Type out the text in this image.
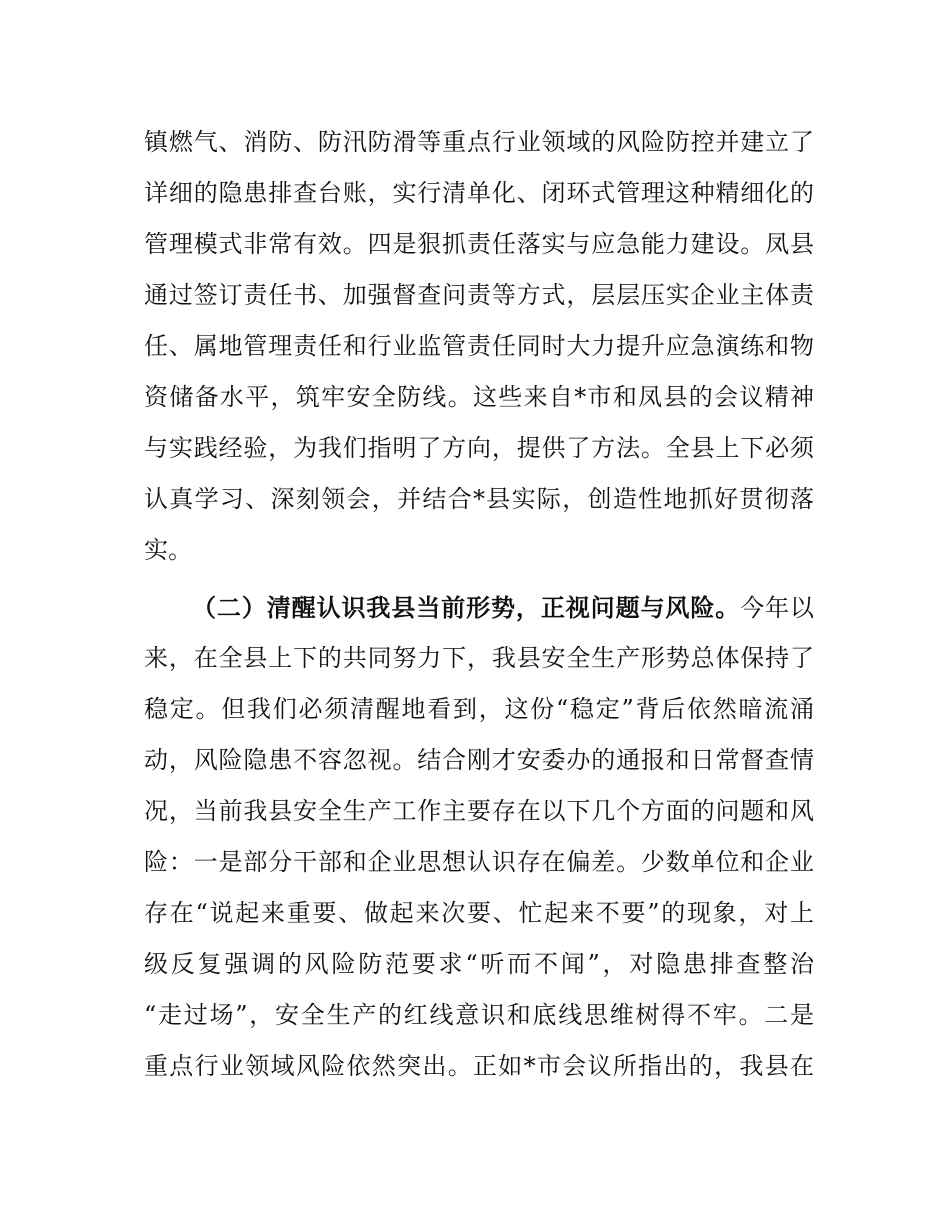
镇燃气、消防、防汛防滑等重点行业领域的风险防控并建立了
详细的隐患排查台账，实行清单化、闭环式管理这种精细化的
管理模式非常有效。四是狠抓责任落实与应急能力建设。凤县
通过签订责任书、加强督查问责等方式，层层压实企业主体责
任、属地管理责任和行业监管责任同时大力提升应急演练和物
资储备水平，筑牢安全防线。这些来自*市和凤县的会议精神
与实践经验，为我们指明了方向，提供了方法。全县上下必须
认真学习、深刻领会，并结合*县实际，创造性地抓好贯彻落
实。
（二）清醒认识我县当前形势，正视问题与风险。今年以
来，在全县上下的共同努力下，我县安全生产形势总体保持了
稳定。但我们必须清醒地看到，这份“稳定”背后依然暗流涌
动，风险隐患不容忽视。结合刚才安委办的通报和日常督查情
况，当前我县安全生产工作主要存在以下几个方面的问题和风
险：一是部分干部和企业思想认识存在偏差。少数单位和企业
存在“说起来重要、做起来次要、忙起来不要”的现象，对上
级反复强调的风险防范要求“听而不闻”，对隐患排查整治
“走过场”，安全生产的红线意识和底线思维树得不牢。二是
重点行业领域风险依然突出。正如*市会议所指出的，我县在
